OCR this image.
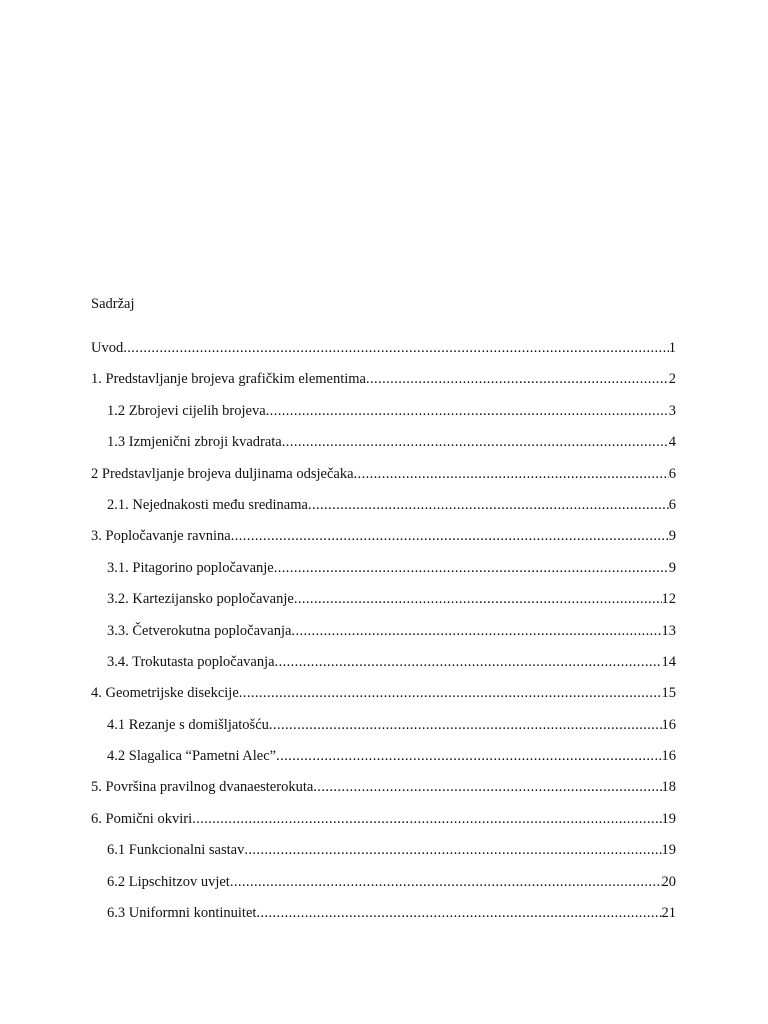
Sadržaj
Uvod .....	1
1. Predstavljanje brojeva grafičkim elementima .....	2
1.2 Zbrojevi cijelih brojeva .....	3
1.3 Izmjenični zbroji kvadrata .....	4
2 Predstavljanje brojeva duljinama odsječaka .....	6
2.1. Nejednakosti među sredinama .....	6
3. Popločavanje ravnina .....	9
3.1. Pitagorino popločavanje .....	9
3.2. Kartezijansko popločavanje .....	12
3.3. Četverokutna popločavanja .....	13
3.4. Trokutasta popločavanja .....	14
4. Geometrijske disekcije .....	15
4.1 Rezanje s domišljatošću .....	16
4.2 Slagalica “Pametni Alec” .....	16
5. Površina pravilnog dvanaesterokuta .....	18
6. Pomični okviri .....	19
6.1 Funkcionalni sastav .....	19
6.2 Lipschitzov uvjet .....	20
6.3 Uniformni kontinuitet .....	21
